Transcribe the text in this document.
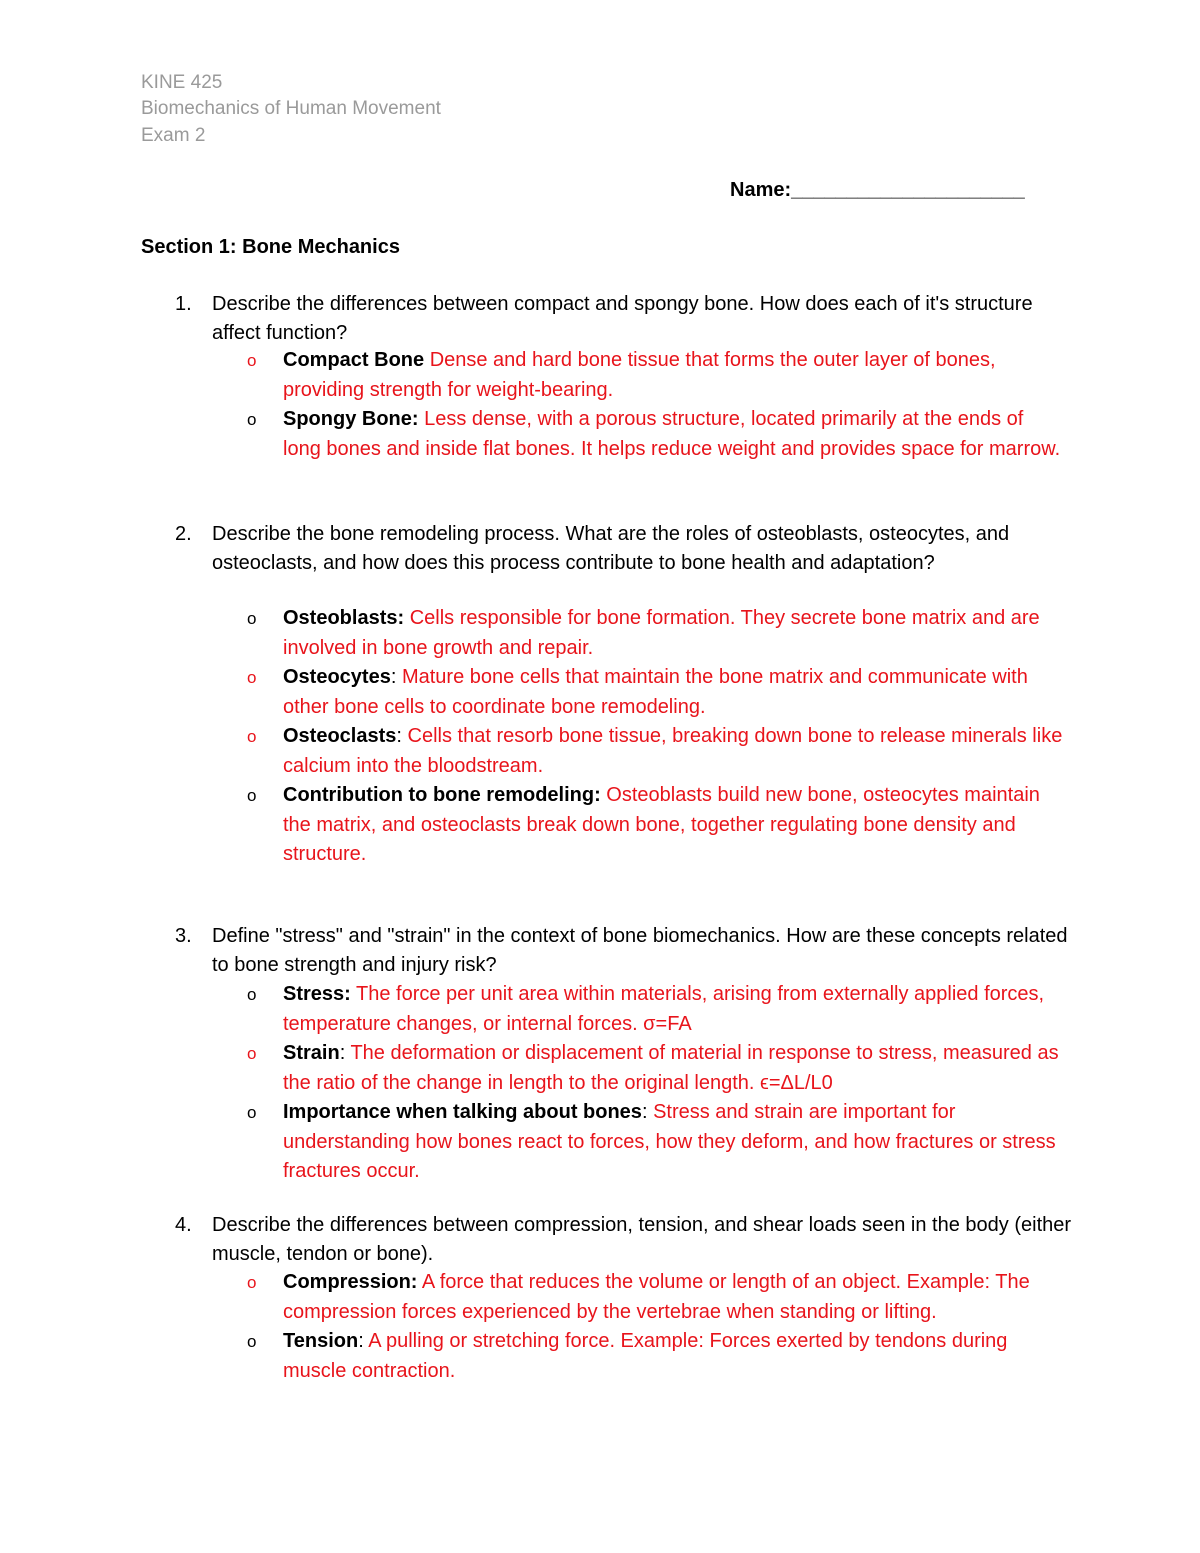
KINE 425
Biomechanics of Human Movement
Exam 2
Name:_____________________
Section 1: Bone Mechanics
1. Describe the differences between compact and spongy bone. How does each of it's structure affect function?
o Compact Bone Dense and hard bone tissue that forms the outer layer of bones, providing strength for weight-bearing.
o Spongy Bone: Less dense, with a porous structure, located primarily at the ends of long bones and inside flat bones. It helps reduce weight and provides space for marrow.
2. Describe the bone remodeling process. What are the roles of osteoblasts, osteocytes, and osteoclasts, and how does this process contribute to bone health and adaptation?
o Osteoblasts: Cells responsible for bone formation. They secrete bone matrix and are involved in bone growth and repair.
o Osteocytes: Mature bone cells that maintain the bone matrix and communicate with other bone cells to coordinate bone remodeling.
o Osteoclasts: Cells that resorb bone tissue, breaking down bone to release minerals like calcium into the bloodstream.
o Contribution to bone remodeling: Osteoblasts build new bone, osteocytes maintain the matrix, and osteoclasts break down bone, together regulating bone density and structure.
3. Define "stress" and "strain" in the context of bone biomechanics. How are these concepts related to bone strength and injury risk?
o Stress: The force per unit area within materials, arising from externally applied forces, temperature changes, or internal forces. σ=FA
o Strain: The deformation or displacement of material in response to stress, measured as the ratio of the change in length to the original length. ϵ=ΔL/L0
o Importance when talking about bones: Stress and strain are important for understanding how bones react to forces, how they deform, and how fractures or stress fractures occur.
4. Describe the differences between compression, tension, and shear loads seen in the body (either muscle, tendon or bone).
o Compression: A force that reduces the volume or length of an object. Example: The compression forces experienced by the vertebrae when standing or lifting.
o Tension: A pulling or stretching force. Example: Forces exerted by tendons during muscle contraction.
